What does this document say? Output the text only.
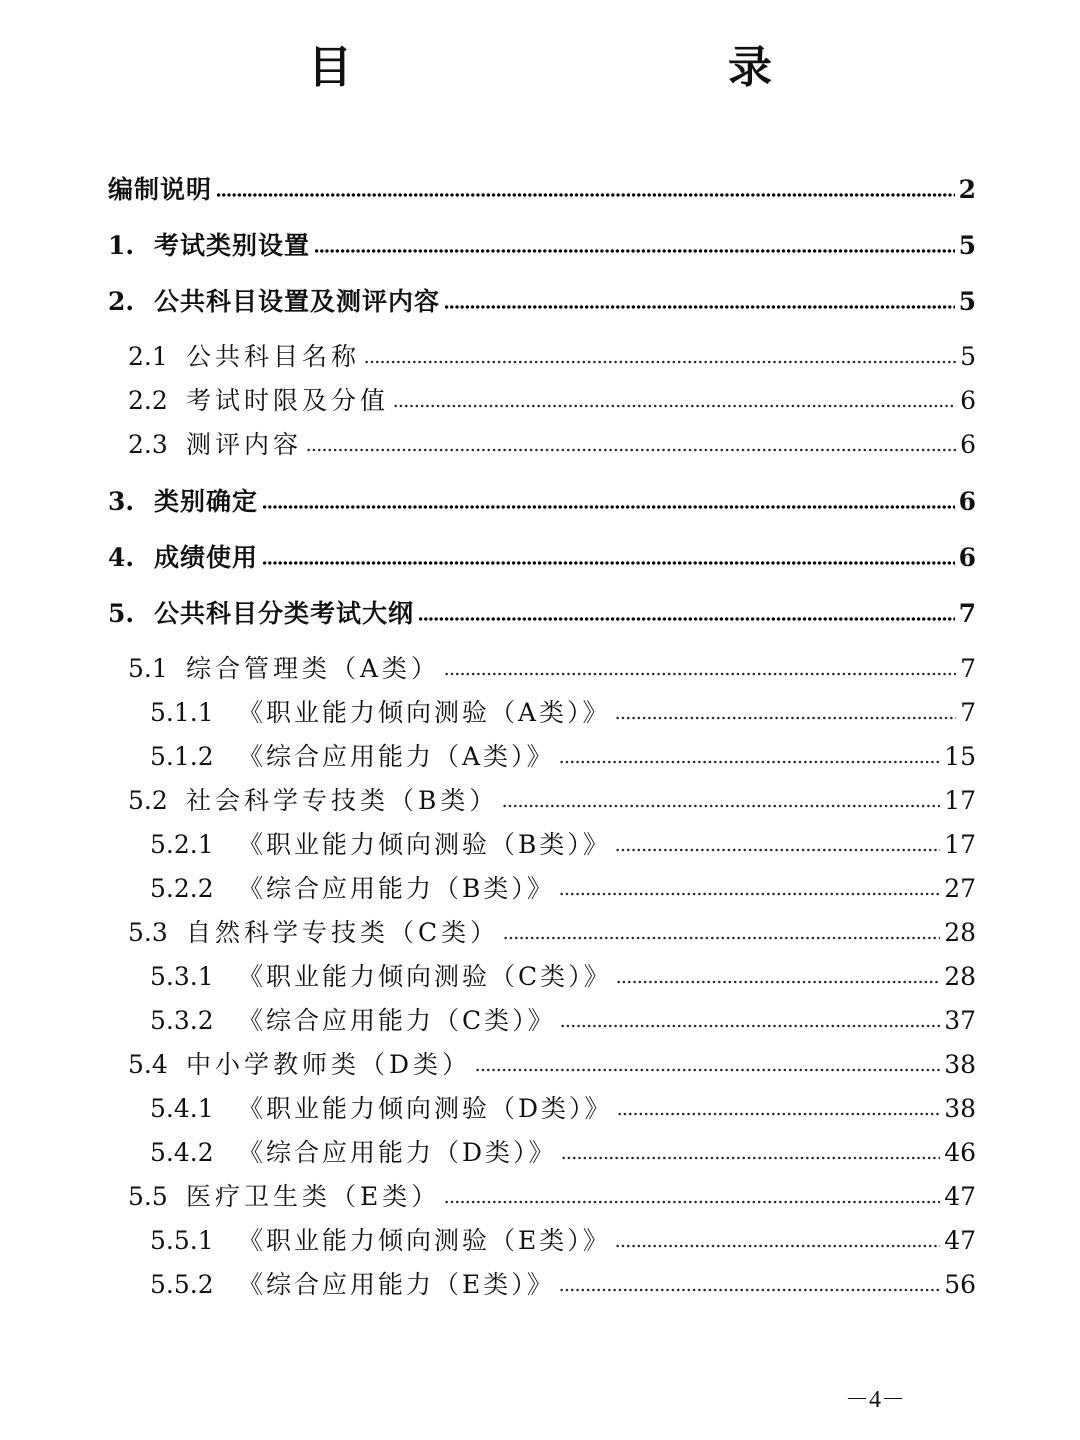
目　　录
编制说明	2
1. 考试类别设置	5
2. 公共科目设置及测评内容	5
2.1 公共科目名称	5
2.2 考试时限及分值	6
2.3 测评内容	6
3. 类别确定	6
4. 成绩使用	6
5. 公共科目分类考试大纲	7
5.1 综合管理类（A类）	7
5.1.1 《职业能力倾向测验（A类）》	7
5.1.2 《综合应用能力（A类）》	15
5.2 社会科学专技类（B类）	17
5.2.1 《职业能力倾向测验（B类）》	17
5.2.2 《综合应用能力（B类）》	27
5.3 自然科学专技类（C类）	28
5.3.1 《职业能力倾向测验（C类）》	28
5.3.2 《综合应用能力（C类）》	37
5.4 中小学教师类（D类）	38
5.4.1 《职业能力倾向测验（D类）》	38
5.4.2 《综合应用能力（D类）》	46
5.5 医疗卫生类（E类）	47
5.5.1 《职业能力倾向测验（E类）》	47
5.5.2 《综合应用能力（E类）》	56
－4－
